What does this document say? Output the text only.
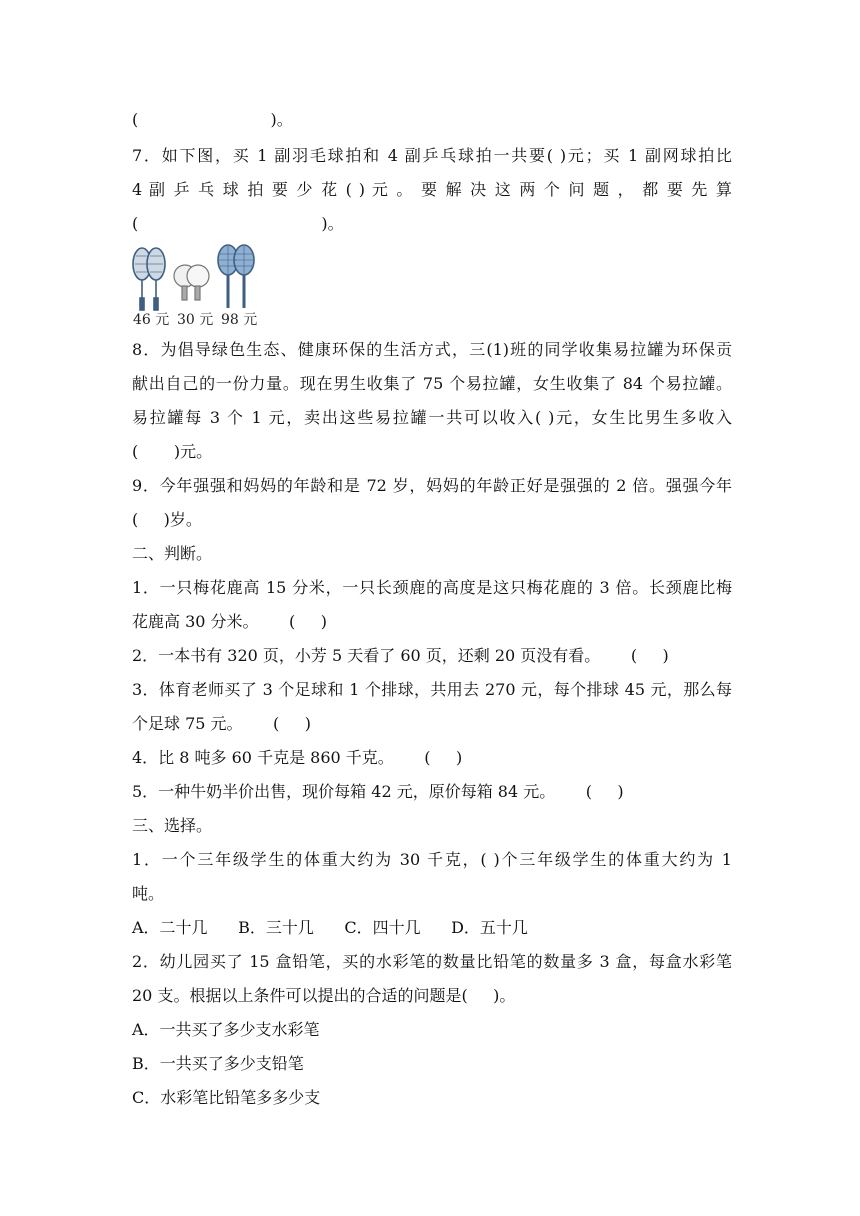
(                          )。
7．如下图，买 1 副羽毛球拍和 4 副乒乓球拍一共要( )元；买 1 副网球拍比
4 副 乒 乓 球 拍 要 少 花 ( ) 元 。 要 解 决 这 两 个 问 题 ， 都 要 先 算
(                                    )。
46 元 30 元 98 元
8．为倡导绿色生态、健康环保的生活方式，三(1)班的同学收集易拉罐为环保贡
献出自己的一份力量。现在男生收集了 75 个易拉罐，女生收集了 84 个易拉罐。
易拉罐每 3 个 1 元，卖出这些易拉罐一共可以收入( )元，女生比男生多收入
(       )元。
9．今年强强和妈妈的年龄和是 72 岁，妈妈的年龄正好是强强的 2 倍。强强今年
(     )岁。
二、判断。
1．一只梅花鹿高 15 分米，一只长颈鹿的高度是这只梅花鹿的 3 倍。长颈鹿比梅
花鹿高 30 分米。      (     )
2．一本书有 320 页，小芳 5 天看了 60 页，还剩 20 页没有看。      (     )
3．体育老师买了 3 个足球和 1 个排球，共用去 270 元，每个排球 45 元，那么每
个足球 75 元。      (     )
4．比 8 吨多 60 千克是 860 千克。      (     )
5．一种牛奶半价出售，现价每箱 42 元，原价每箱 84 元。      (     )
三、选择。
1．一个三年级学生的体重大约为 30 千克，( )个三年级学生的体重大约为 1
吨。
A．二十几      B．三十几      C．四十几      D．五十几
2．幼儿园买了 15 盒铅笔，买的水彩笔的数量比铅笔的数量多 3 盒，每盒水彩笔
20 支。根据以上条件可以提出的合适的问题是(     )。
A．一共买了多少支水彩笔
B．一共买了多少支铅笔
C．水彩笔比铅笔多多少支
